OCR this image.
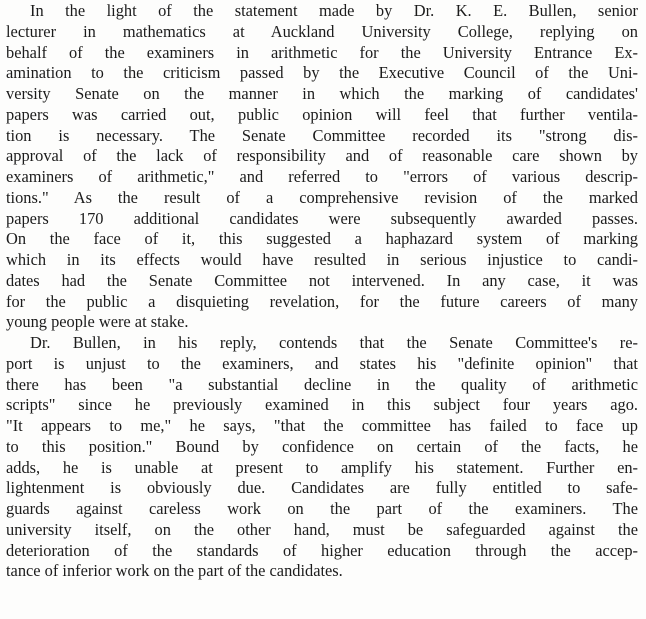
In the light of the statement made by Dr. K. E. Bullen, senior
lecturer in mathematics at Auckland University College, replying on
behalf of the examiners in arithmetic for the University Entrance Ex-
amination to the criticism passed by the Executive Council of the Uni-
versity Senate on the manner in which the marking of candidates'
papers was carried out, public opinion will feel that further ventila-
tion is necessary. The Senate Committee recorded its "strong dis-
approval of the lack of responsibility and of reasonable care shown by
examiners of arithmetic," and referred to "errors of various descrip-
tions." As the result of a comprehensive revision of the marked
papers 170 additional candidates were subsequently awarded passes.
On the face of it, this suggested a haphazard system of marking
which in its effects would have resulted in serious injustice to candi-
dates had the Senate Committee not intervened. In any case, it was
for the public a disquieting revelation, for the future careers of many
young people were at stake.
Dr. Bullen, in his reply, contends that the Senate Committee's re-
port is unjust to the examiners, and states his "definite opinion" that
there has been "a substantial decline in the quality of arithmetic
scripts" since he previously examined in this subject four years ago.
"It appears to me," he says, "that the committee has failed to face up
to this position." Bound by confidence on certain of the facts, he
adds, he is unable at present to amplify his statement. Further en-
lightenment is obviously due. Candidates are fully entitled to safe-
guards against careless work on the part of the examiners. The
university itself, on the other hand, must be safeguarded against the
deterioration of the standards of higher education through the accep-
tance of inferior work on the part of the candidates.
